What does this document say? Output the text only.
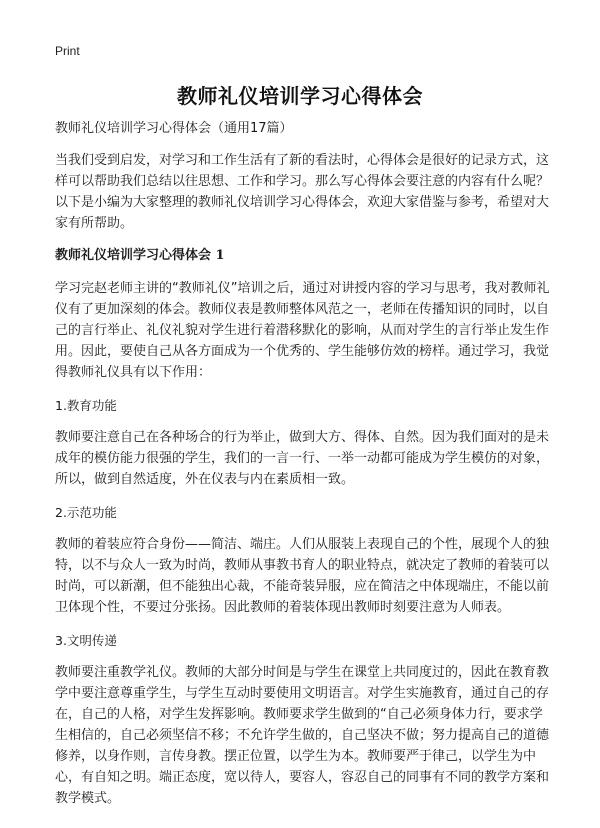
Print
教师礼仪培训学习心得体会

教师礼仪培训学习心得体会（通用17篇）

当我们受到启发，对学习和工作生活有了新的看法时，心得体会是很好的记录方式，这样可以帮助我们总结以往思想、工作和学习。那么写心得体会要注意的内容有什么呢？以下是小编为大家整理的教师礼仪培训学习心得体会，欢迎大家借鉴与参考，希望对大家有所帮助。

教师礼仪培训学习心得体会 1

学习完赵老师主讲的“教师礼仪”培训之后，通过对讲授内容的学习与思考，我对教师礼仪有了更加深刻的体会。教师仪表是教师整体风范之一，老师在传播知识的同时，以自己的言行举止、礼仪礼貌对学生进行着潜移默化的影响，从而对学生的言行举止发生作用。因此，要使自己从各方面成为一个优秀的、学生能够仿效的榜样。通过学习，我觉得教师礼仪具有以下作用：

1.教育功能

教师要注意自己在各种场合的行为举止，做到大方、得体、自然。因为我们面对的是未成年的模仿能力很强的学生，我们的一言一行、一举一动都可能成为学生模仿的对象，所以，做到自然适度，外在仪表与内在素质相一致。

2.示范功能

教师的着装应符合身份——简洁、端庄。人们从服装上表现自己的个性，展现个人的独特，以不与众人一致为时尚，教师从事教书育人的职业特点，就决定了教师的着装可以时尚，可以新潮，但不能独出心裁，不能奇装异服，应在简洁之中体现端庄，不能以前卫体现个性，不要过分张扬。因此教师的着装体现出教师时刻要注意为人师表。

3.文明传递

教师要注重教学礼仪。教师的大部分时间是与学生在课堂上共同度过的，因此在教育教学中要注意尊重学生，与学生互动时要使用文明语言。对学生实施教育，通过自己的存在，自己的人格，对学生发挥影响。教师要求学生做到的“自己必须身体力行，要求学生相信的，自己必须坚信不移；不允许学生做的，自己坚决不做；努力提高自己的道德修养，以身作则，言传身教。摆正位置，以学生为本。教师要严于律己，以学生为中心，有自知之明。端正态度，宽以待人，要容人，容忍自己的同事有不同的教学方案和教学模式。
